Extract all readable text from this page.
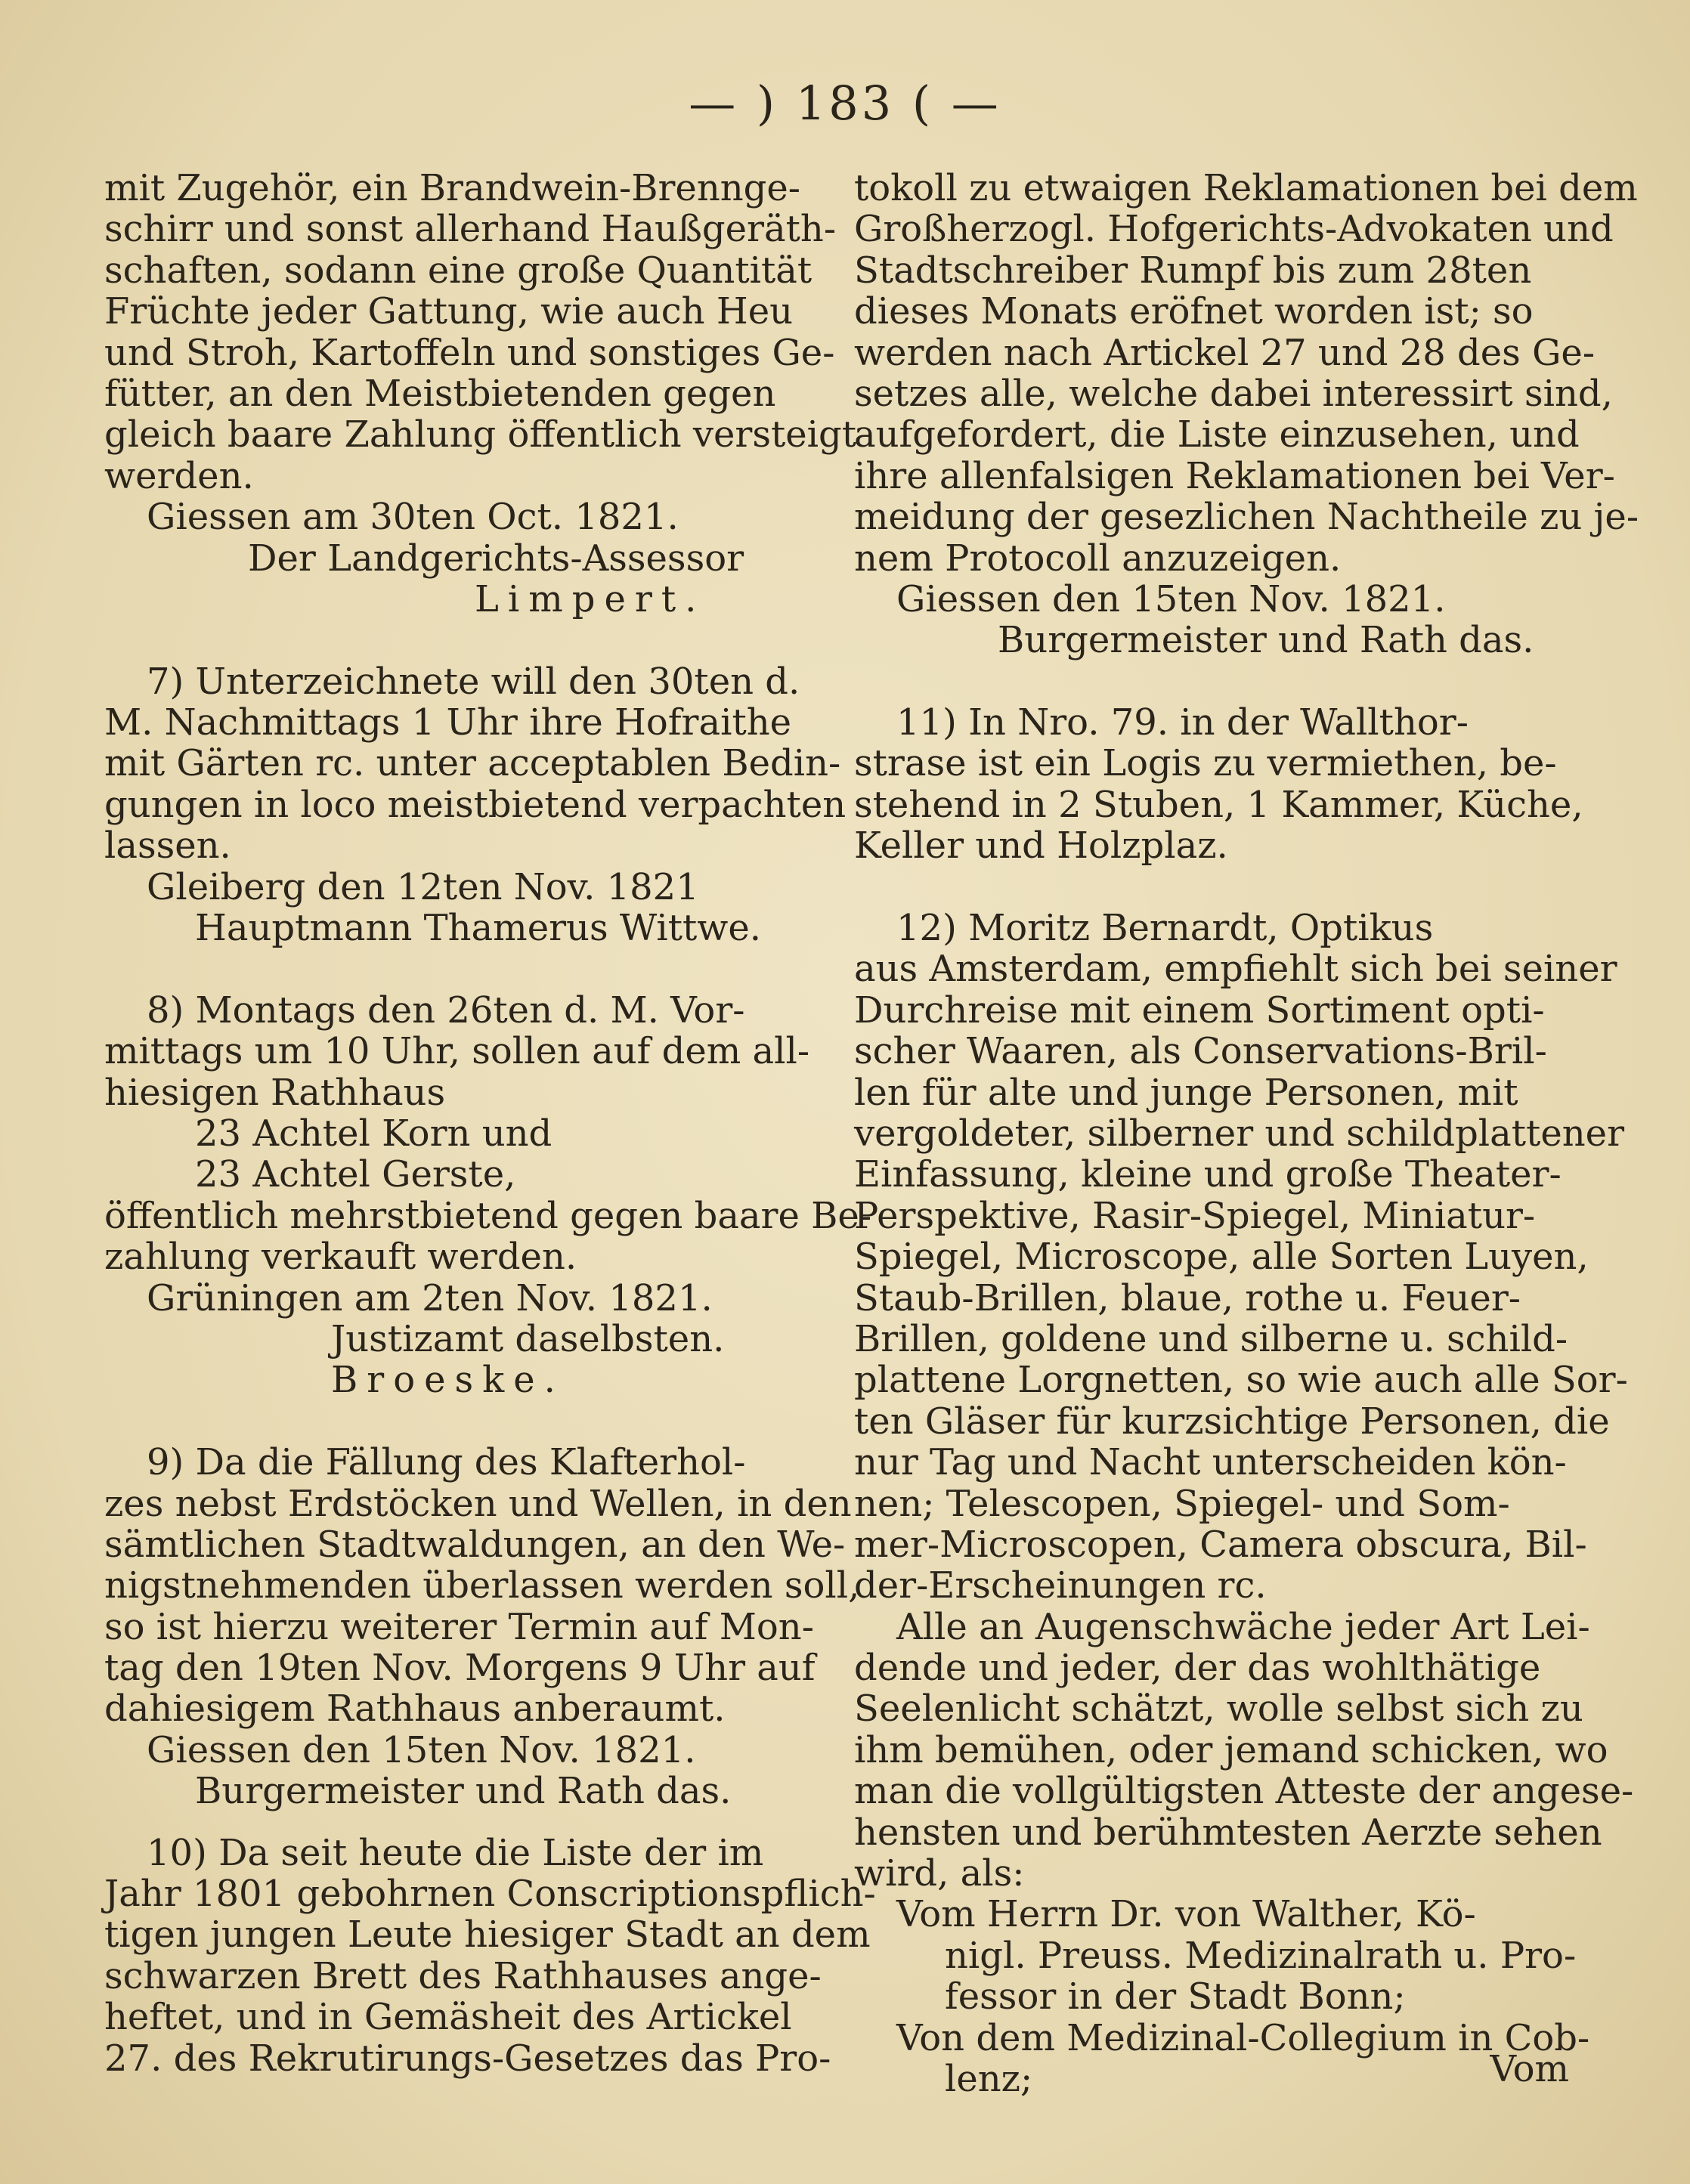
— ) 183 ( —
mit Zugehör, ein Brandwein-Brenngе-
schirr und sonst allerhand Haußgeräth-
schaften, sodann eine große Quantität
Früchte jeder Gattung, wie auch Heu
und Stroh, Kartoffeln und sonstiges Ge-
fütter, an den Meistbietenden gegen
gleich baare Zahlung öffentlich versteigt
werden.
Giessen am 30ten Oct. 1821.
Der Landgerichts-Assessor
Limpert.
7) Unterzeichnete will den 30ten d.
M. Nachmittags 1 Uhr ihre Hofraithe
mit Gärten rc. unter acceptablen Bedin-
gungen in loco meistbietend verpachten
lassen.
Gleiberg den 12ten Nov. 1821
Hauptmann Thamerus Wittwe.
8) Montags den 26ten d. M. Vor-
mittags um 10 Uhr, sollen auf dem all-
hiesigen Rathhaus
23 Achtel Korn und
23 Achtel Gerste,
öffentlich mehrstbietend gegen baare Be-
zahlung verkauft werden.
Grüningen am 2ten Nov. 1821.
Justizamt daselbsten.
Broeske.
9) Da die Fällung des Klafterhol-
zes nebst Erdstöcken und Wellen, in den
sämtlichen Stadtwaldungen, an den We-
nigstnehmenden überlassen werden soll,
so ist hierzu weiterer Termin auf Mon-
tag den 19ten Nov. Morgens 9 Uhr auf
dahiesigem Rathhaus anberaumt.
Giessen den 15ten Nov. 1821.
Burgermeister und Rath das.
10) Da seit heute die Liste der im
Jahr 1801 gebohrnen Conscriptionspflich-
tigen jungen Leute hiesiger Stadt an dem
schwarzen Brett des Rathhauses ange-
heftet, und in Gemäsheit des Artickel
27. des Rekrutirungs-Gesetzes das Pro-
tokoll zu etwaigen Reklamationen bei dem
Großherzogl. Hofgerichts-Advokaten und
Stadtschreiber Rumpf bis zum 28ten
dieses Monats eröfnet worden ist; so
werden nach Artickel 27 und 28 des Ge-
setzes alle, welche dabei interessirt sind,
aufgefordert, die Liste einzusehen, und
ihre allenfalsigen Reklamationen bei Ver-
meidung der gesezlichen Nachtheile zu je-
nem Protocoll anzuzeigen.
Giessen den 15ten Nov. 1821.
Burgermeister und Rath das.
11) In Nro. 79. in der Wallthor-
strase ist ein Logis zu vermiethen, be-
stehend in 2 Stuben, 1 Kammer, Küche,
Keller und Holzplaz.
12) Moritz Bernardt, Optikus
aus Amsterdam, empfiehlt sich bei seiner
Durchreise mit einem Sortiment opti-
scher Waaren, als Conservations-Bril-
len für alte und junge Personen, mit
vergoldeter, silberner und schildplattener
Einfassung, kleine und große Theater-
Perspektive, Rasir-Spiegel, Miniatur-
Spiegel, Microscope, alle Sorten Luyen,
Staub-Brillen, blaue, rothe u. Feuer-
Brillen, goldene und silberne u. schild-
plattene Lorgnetten, so wie auch alle Sor-
ten Gläser für kurzsichtige Personen, die
nur Tag und Nacht unterscheiden kön-
nen; Telescopen, Spiegel- und Som-
mer-Microscopen, Camera obscura, Bil-
der-Erscheinungen rc.
Alle an Augenschwäche jeder Art Lei-
dende und jeder, der das wohlthätige
Seelenlicht schätzt, wolle selbst sich zu
ihm bemühen, oder jemand schicken, wo
man die vollgültigsten Atteste der angese-
hensten und berühmtesten Aerzte sehen
wird, als:
Vom Herrn Dr. von Walther, Kö-
nigl. Preuss. Medizinalrath u. Pro-
fessor in der Stadt Bonn;
Von dem Medizinal-Collegium in Cob-
lenz;	Vom
